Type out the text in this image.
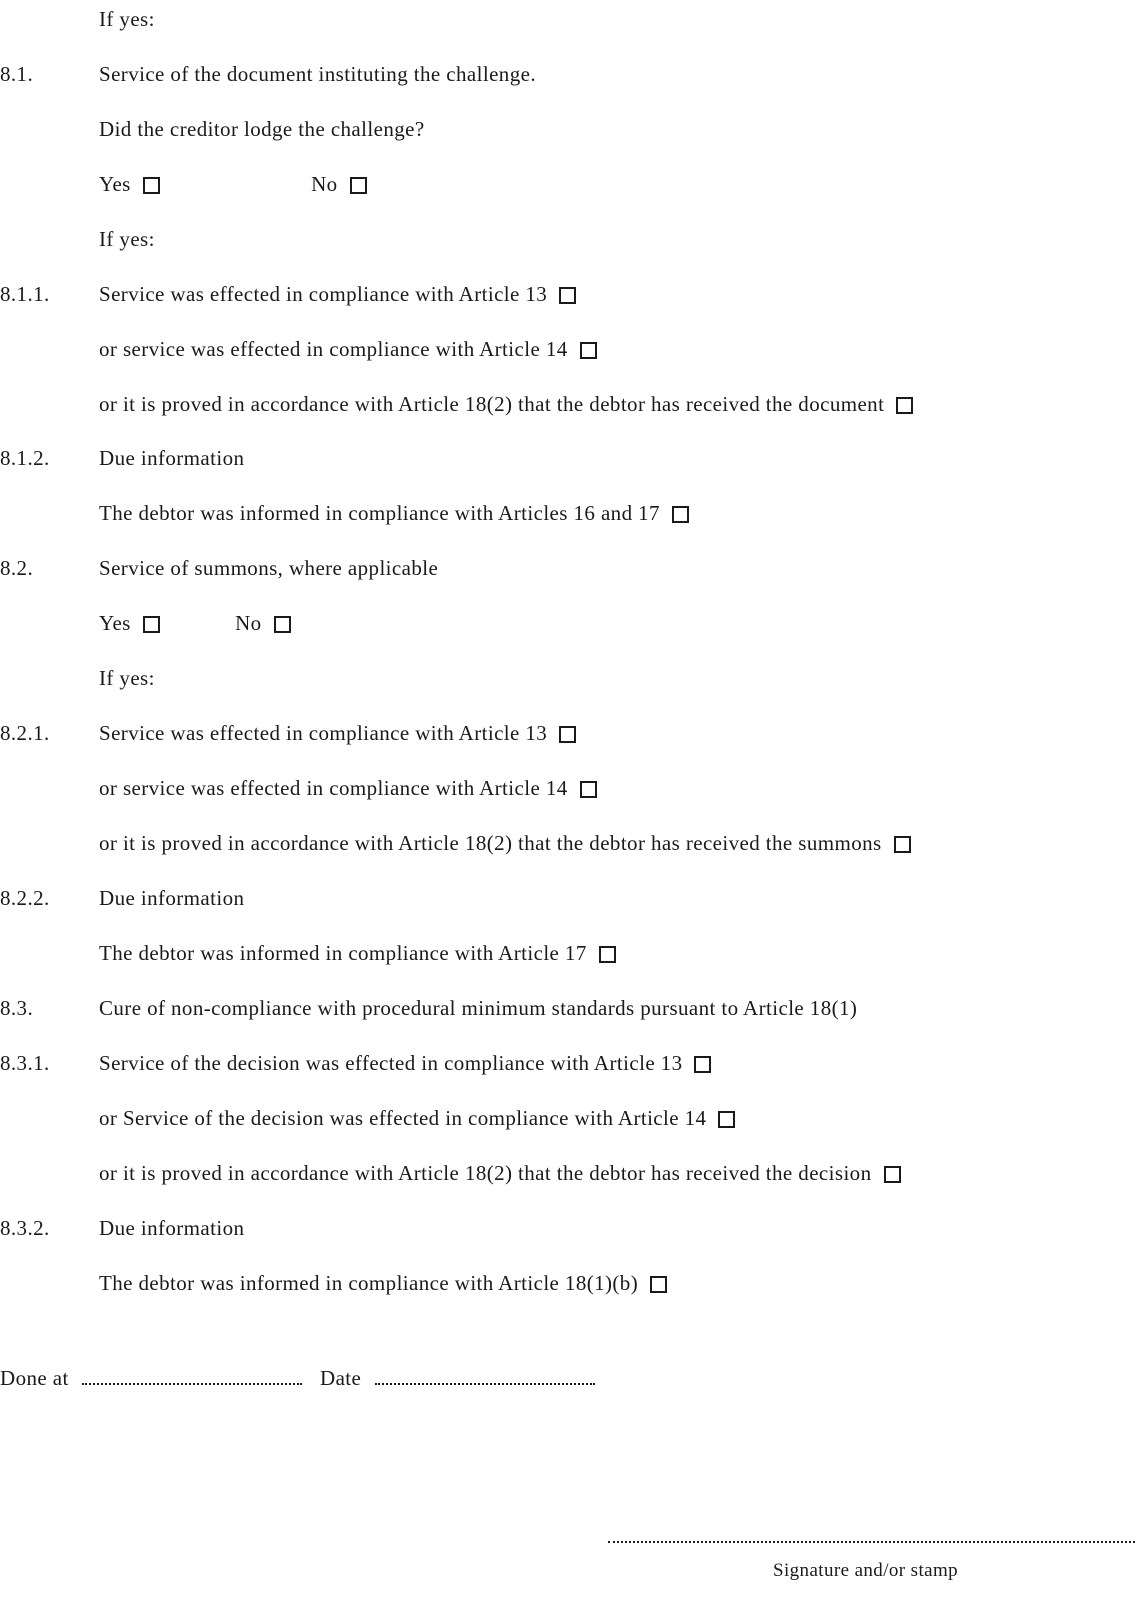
If yes:
8.1.	Service of the document instituting the challenge.
Did the creditor lodge the challenge?
Yes	No
If yes:
8.1.1.	Service was effected in compliance with Article 13
or service was effected in compliance with Article 14
or it is proved in accordance with Article 18(2) that the debtor has received the document
8.1.2.	Due information
The debtor was informed in compliance with Articles 16 and 17
8.2.	Service of summons, where applicable
Yes	No
If yes:
8.2.1.	Service was effected in compliance with Article 13
or service was effected in compliance with Article 14
or it is proved in accordance with Article 18(2) that the debtor has received the summons
8.2.2.	Due information
The debtor was informed in compliance with Article 17
8.3.	Cure of non-compliance with procedural minimum standards pursuant to Article 18(1)
8.3.1.	Service of the decision was effected in compliance with Article 13
or Service of the decision was effected in compliance with Article 14
or it is proved in accordance with Article 18(2) that the debtor has received the decision
8.3.2.	Due information
The debtor was informed in compliance with Article 18(1)(b)
Done at	Date
Signature and/or stamp
